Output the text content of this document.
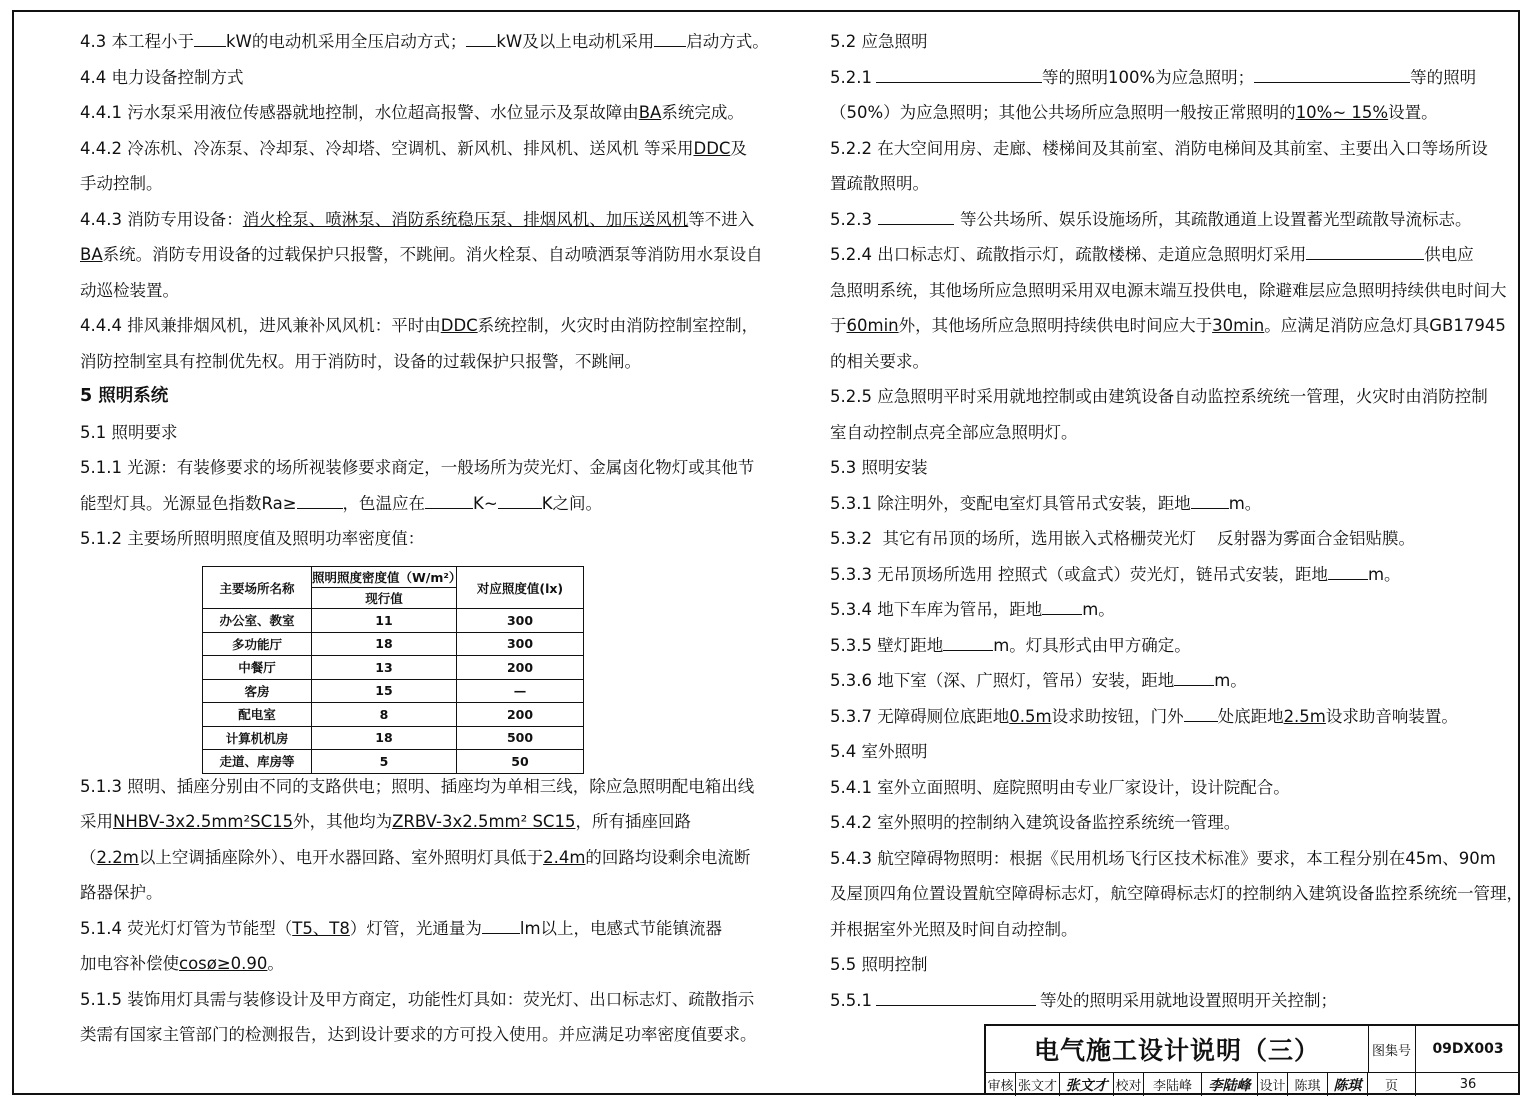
4.3 本工程小于 kW的电动机采用全压启动方式； kW及以上电动机采用 启动方式。

4.4 电力设备控制方式

4.4.1 污水泵采用液位传感器就地控制，水位超高报警、水位显示及泵故障由BA系统完成。

4.4.2 冷冻机、冷冻泵、冷却泵、冷却塔、空调机、新风机、排风机、送风机 等采用DDC及

手动控制。

4.4.3 消防专用设备：消火栓泵、喷淋泵、消防系统稳压泵、排烟风机、加压送风机等不进入

BA系统。消防专用设备的过载保护只报警，不跳闸。消火栓泵、自动喷洒泵等消防用水泵设自

动巡检装置。

4.4.4 排风兼排烟风机，进风兼补风风机：平时由DDC系统控制，火灾时由消防控制室控制，

消防控制室具有控制优先权。用于消防时，设备的过载保护只报警，不跳闸。

5 照明系统

5.1 照明要求

5.1.1 光源：有装修要求的场所视装修要求商定，一般场所为荧光灯、金属卤化物灯或其他节

能型灯具。光源显色指数Ra≥	，色温应在	K~	K之间。

5.1.2 主要场所照明照度值及照明功率密度值：

5.1.3 照明、插座分别由不同的支路供电；照明、插座均为单相三线，除应急照明配电箱出线

采用NHBV-3x2.5mm²SC15外，其他均为ZRBV-3x2.5mm² SC15，所有插座回路

（2.2m以上空调插座除外）、电开水器回路、室外照明灯具低于2.4m的回路均设剩余电流断

路器保护。

5.1.4 荧光灯灯管为节能型（T5、T8）灯管，光通量为 lm以上，电感式节能镇流器

加电容补偿使cosø≥0.90。

5.1.5 装饰用灯具需与装修设计及甲方商定，功能性灯具如：荧光灯、出口标志灯、疏散指示

类需有国家主管部门的检测报告，达到设计要求的方可投入使用。并应满足功率密度值要求。

主要场所名称	照明照度密度值（W/m²）	对应照度值(lx)
	现行值	
办公室、教室	11	300
多功能厅	18	300
中餐厅	13	200
客房	15	—
配电室	8	200
计算机机房	18	500
走道、库房等	5	50

5.2 应急照明

5.2.1	等的照明100%为应急照明；	等的照明

（50%）为应急照明；其他公共场所应急照明一般按正常照明的10%~ 15%设置。

5.2.2 在大空间用房、走廊、楼梯间及其前室、消防电梯间及其前室、主要出入口等场所设

置疏散照明。

5.2.3	等公共场所、娱乐设施场所，其疏散通道上设置蓄光型疏散导流标志。

5.2.4 出口标志灯、疏散指示灯，疏散楼梯、走道应急照明灯采用	供电应

急照明系统，其他场所应急照明采用双电源末端互投供电，除避难层应急照明持续供电时间大

于60min外，其他场所应急照明持续供电时间应大于30min。应满足消防应急灯具GB17945

的相关要求。

5.2.5 应急照明平时采用就地控制或由建筑设备自动监控系统统一管理，火灾时由消防控制

室自动控制点亮全部应急照明灯。

5.3 照明安装

5.3.1 除注明外，变配电室灯具管吊式安装，距地 m。

5.3.2  其它有吊顶的场所，选用嵌入式格栅荧光灯    反射器为雾面合金铝贴膜。

5.3.3 无吊顶场所选用 控照式（或盒式）荧光灯，链吊式安装，距地 m。

5.3.4 地下车库为管吊，距地 m。

5.3.5 壁灯距地	m。灯具形式由甲方确定。

5.3.6 地下室（深、广照灯，管吊）安装，距地 m。

5.3.7 无障碍厕位底距地0.5m设求助按钮，门外 处底距地2.5m设求助音响装置。

5.4 室外照明

5.4.1 室外立面照明、庭院照明由专业厂家设计，设计院配合。

5.4.2 室外照明的控制纳入建筑设备监控系统统一管理。

5.4.3 航空障碍物照明：根据《民用机场飞行区技术标准》要求，本工程分别在45m、90m

及屋顶四角位置设置航空障碍标志灯，航空障碍标志灯的控制纳入建筑设备监控系统统一管理，

并根据室外光照及时间自动控制。

5.5 照明控制

5.5.1	等处的照明采用就地设置照明开关控制；

电气施工设计说明（三）	图集号	09DX003
审核 张文才 张文才 校对 李陆峰	李陆峰 设计 陈琪 陈琪	页	36
